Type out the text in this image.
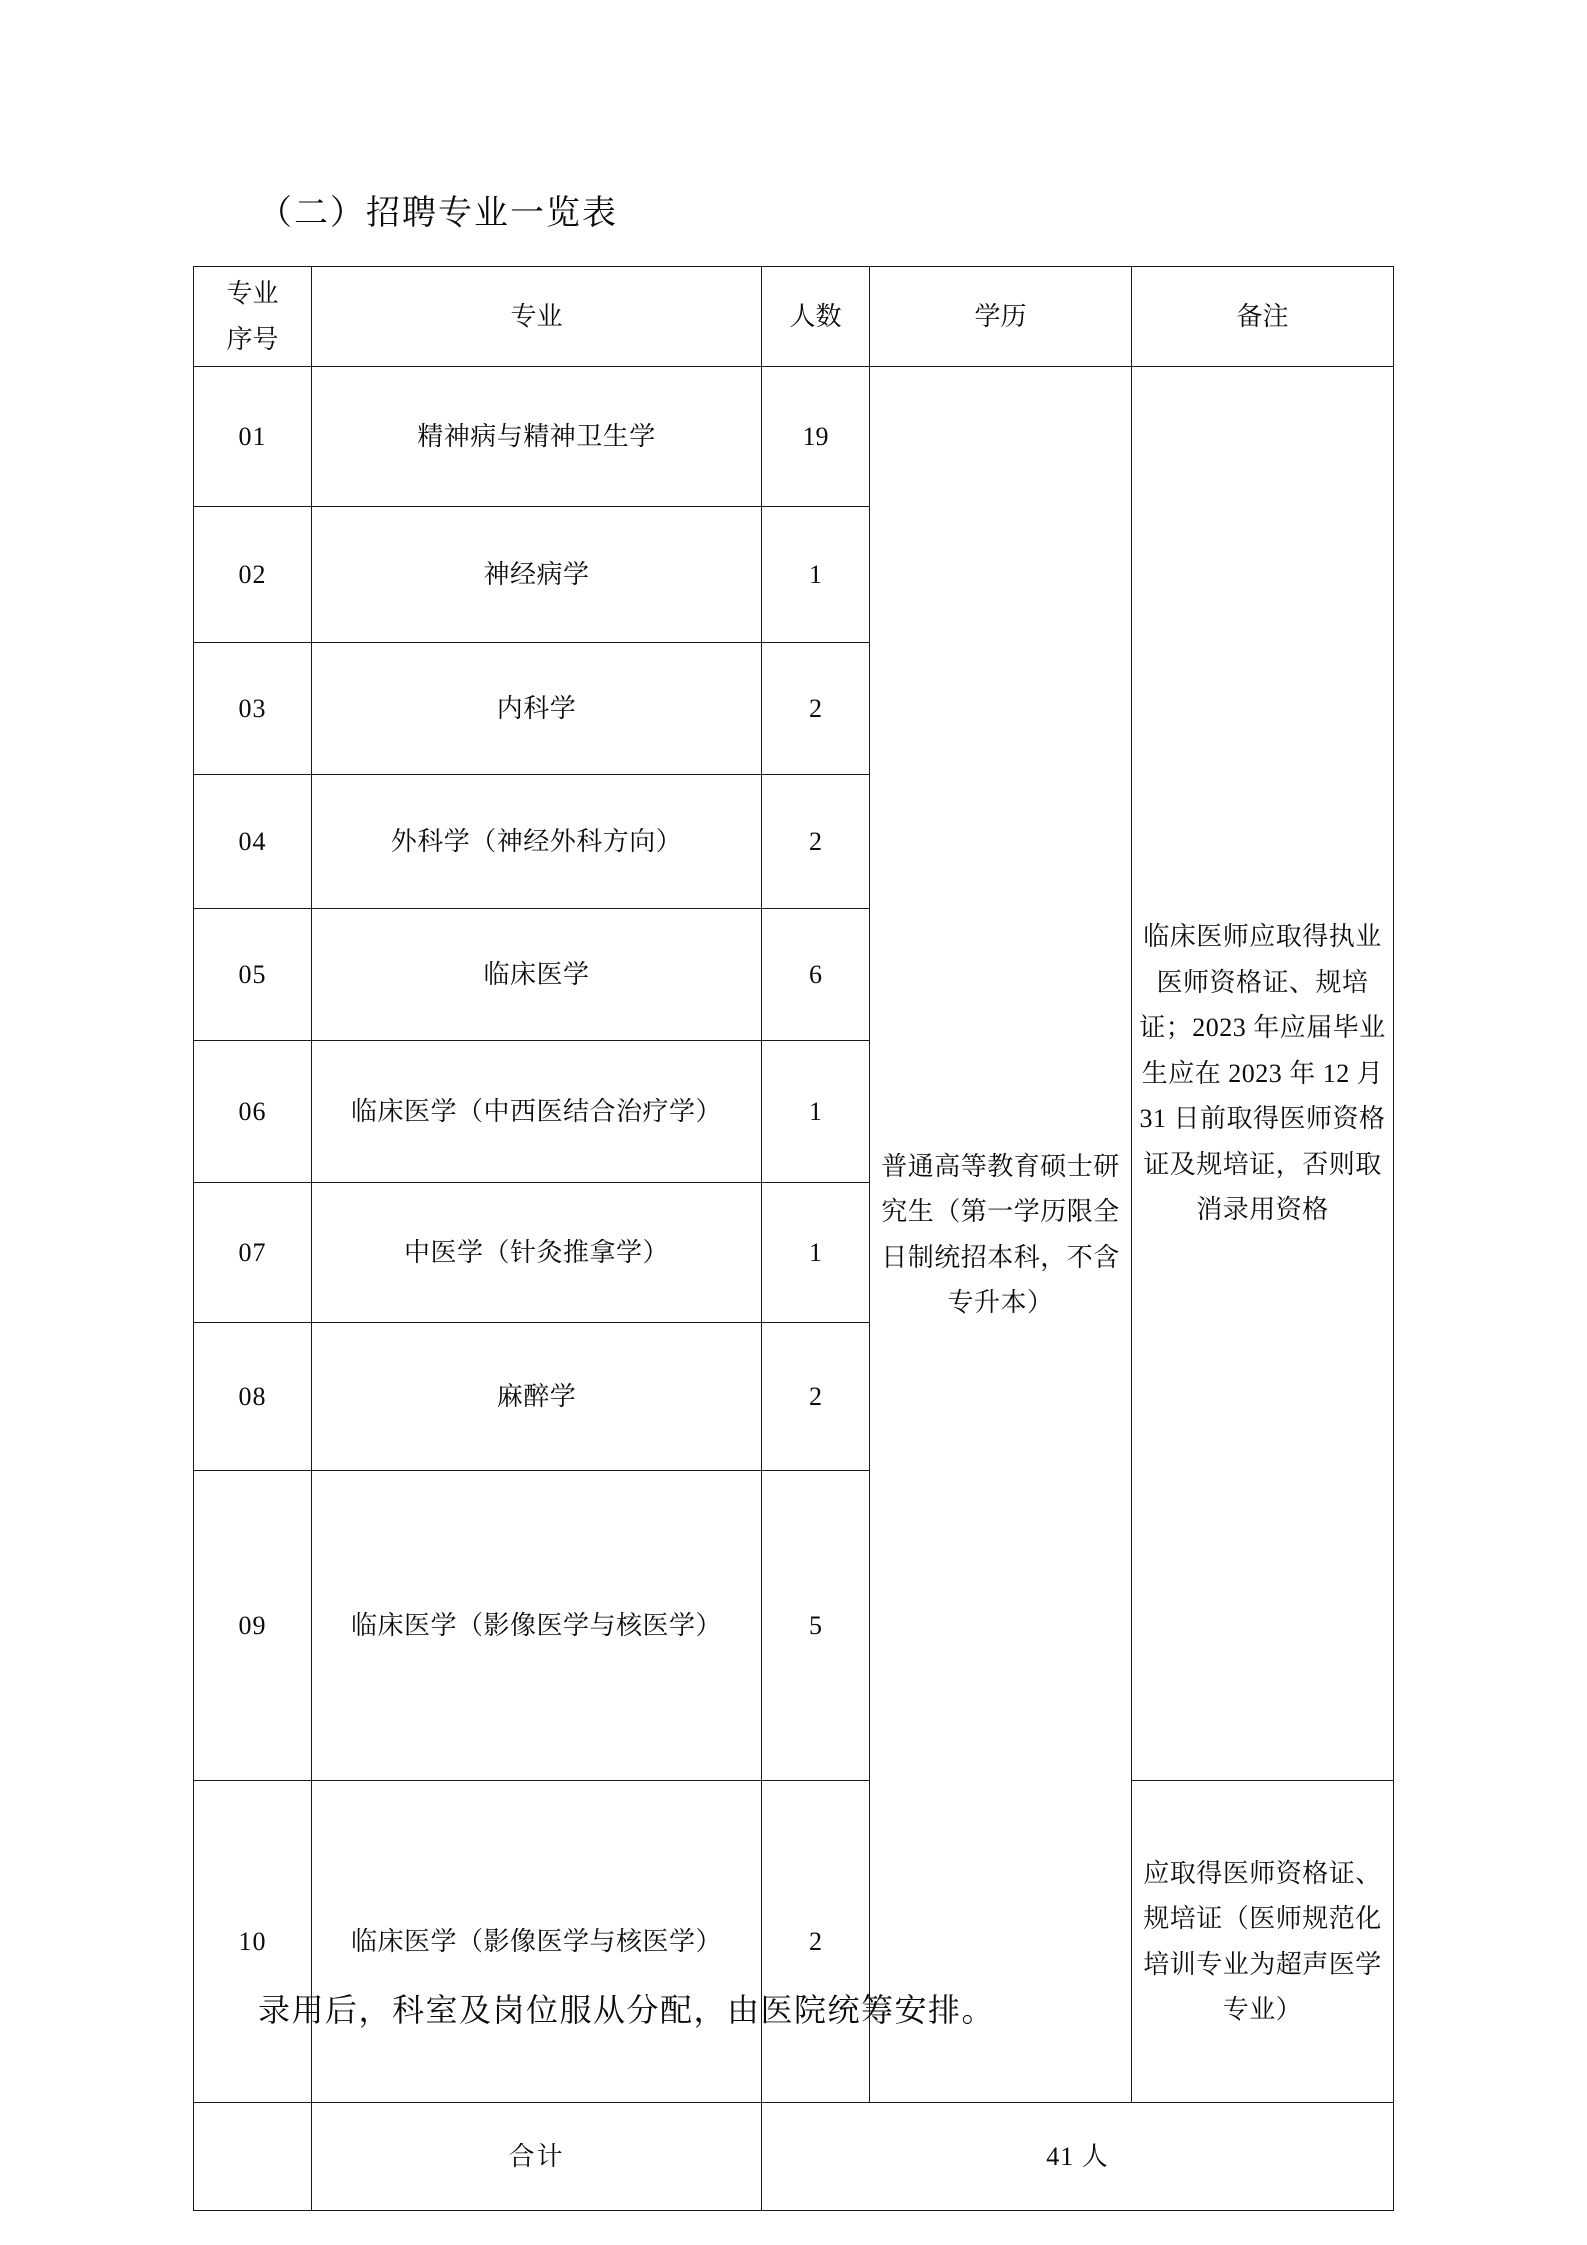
（二）招聘专业一览表
专业
序号	专业	人数	学历	备注
01	精神病与精神卫生学	19	普通高等教育硕士研究生（第一学历限全日制统招本科，不含专升本）	临床医师应取得执业医师资格证、规培证；2023 年应届毕业生应在 2023 年 12 月 31 日前取得医师资格证及规培证，否则取消录用资格
02	神经病学	1		
03	内科学	2		
04	外科学（神经外科方向）	2		
05	临床医学	6		
06	临床医学（中西医结合治疗学）	1		
07	中医学（针灸推拿学）	1		
08	麻醉学	2		
09	临床医学（影像医学与核医学）	5		
10	临床医学（影像医学与核医学）	2		应取得医师资格证、规培证（医师规范化培训专业为超声医学专业）
	合计	41 人		
录用后，科室及岗位服从分配，由医院统筹安排。
